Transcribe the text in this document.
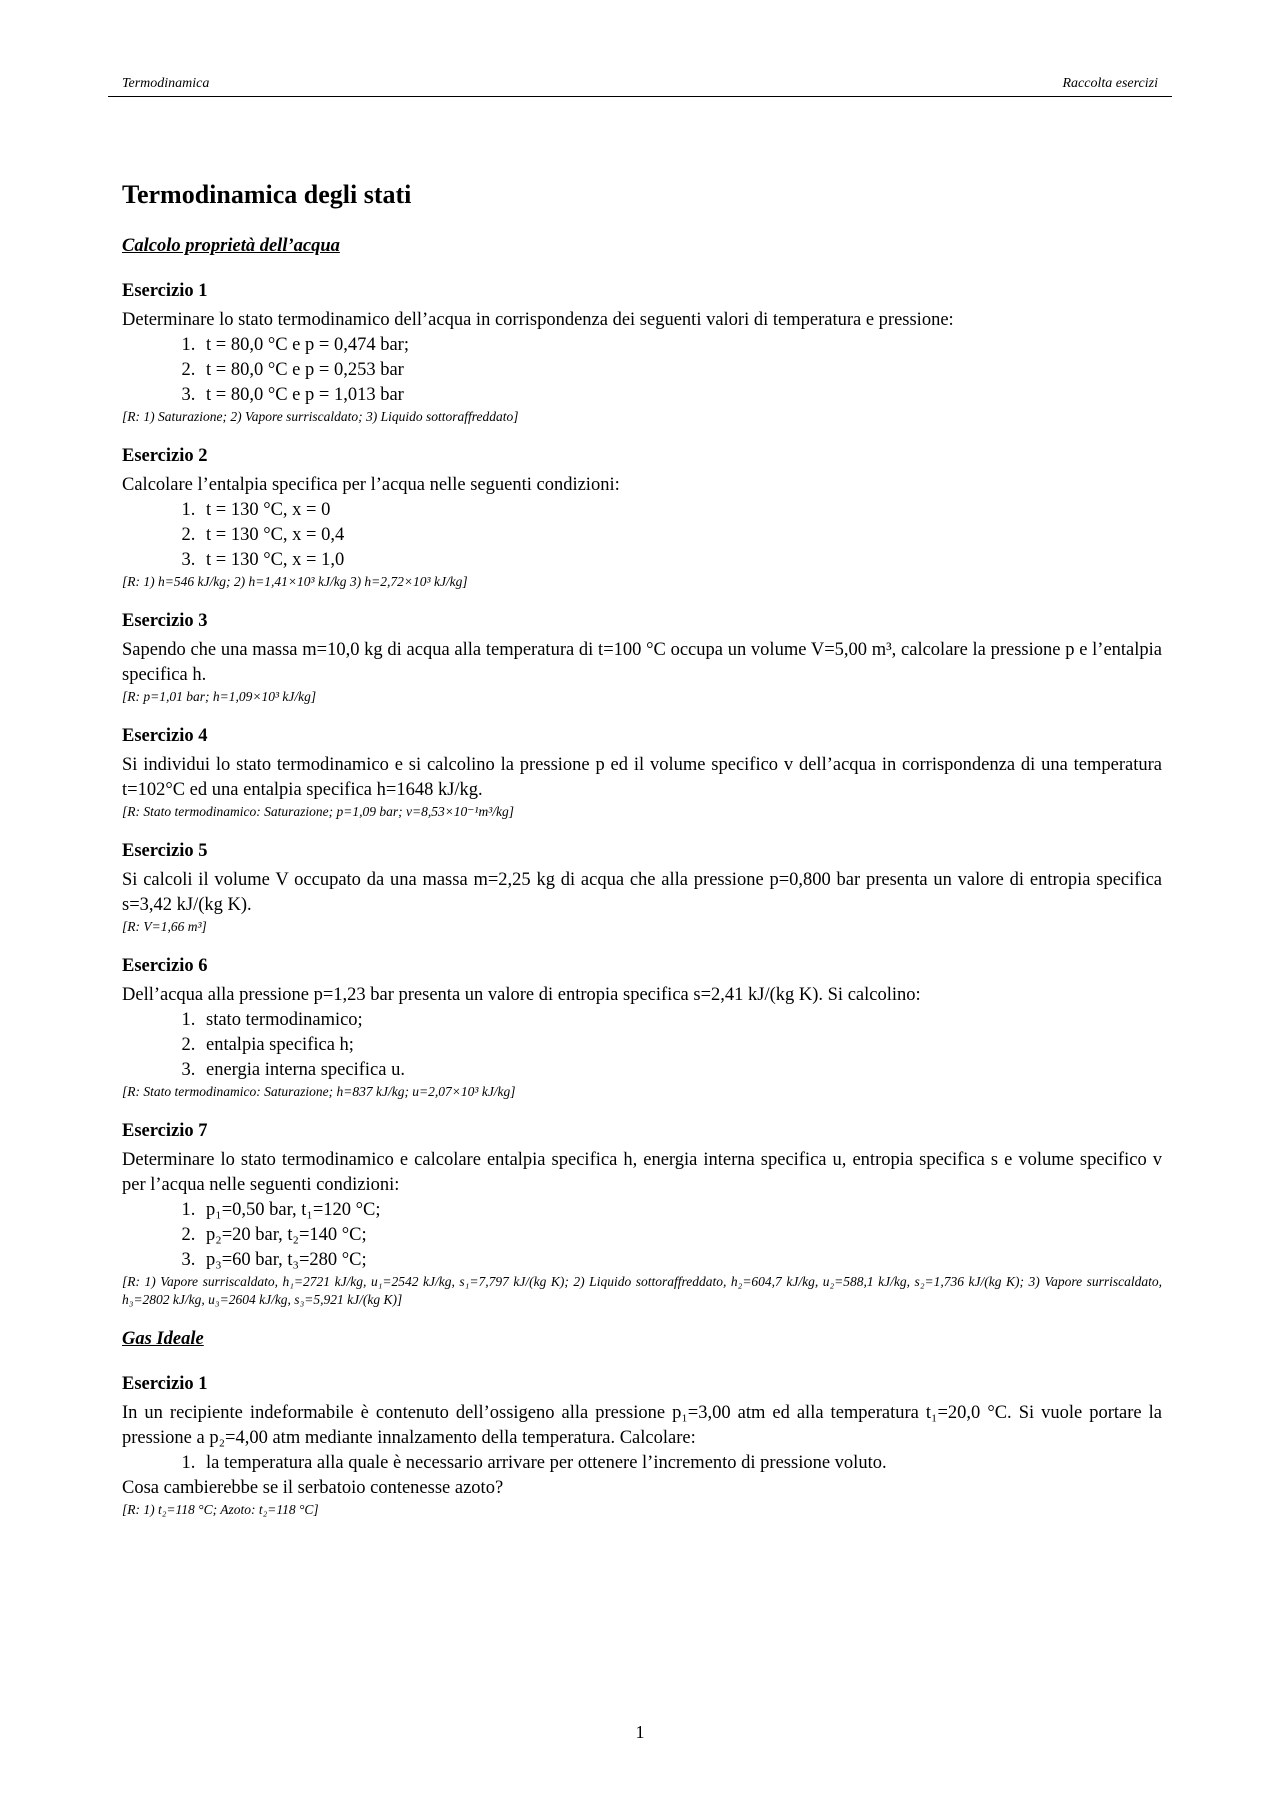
Termodinamica	Raccolta esercizi
Termodinamica degli stati
Calcolo proprietà dell’acqua
Esercizio 1

Determinare lo stato termodinamico dell’acqua in corrispondenza dei seguenti valori di temperatura e pressione:

1. t = 80,0 °C e p = 0,474 bar;
2. t = 80,0 °C e p = 0,253 bar
3. t = 80,0 °C e p = 1,013 bar
[R: 1) Saturazione; 2) Vapore surriscaldato; 3) Liquido sottoraffreddato]
Esercizio 2

Calcolare l’entalpia specifica per l’acqua nelle seguenti condizioni:

1. t = 130 °C, x = 0
2. t = 130 °C, x = 0,4
3. t = 130 °C, x = 1,0
[R: 1) h=546 kJ/kg; 2) h=1,41×10³ kJ/kg 3) h=2,72×10³ kJ/kg]
Esercizio 3

Sapendo che una massa m=10,0 kg di acqua alla temperatura di t=100 °C occupa un volume V=5,00 m³, calcolare la pressione p e l’entalpia specifica h.

[R: p=1,01 bar; h=1,09×10³ kJ/kg]
Esercizio 4

Si individui lo stato termodinamico e si calcolino la pressione p ed il volume specifico v dell’acqua in corrispondenza di una temperatura t=102°C ed una entalpia specifica h=1648 kJ/kg.

[R: Stato termodinamico: Saturazione; p=1,09 bar; v=8,53×10⁻¹m³/kg]
Esercizio 5

Si calcoli il volume V occupato da una massa m=2,25 kg di acqua che alla pressione p=0,800 bar presenta un valore di entropia specifica s=3,42 kJ/(kg K).

[R: V=1,66 m³]
Esercizio 6

Dell’acqua alla pressione p=1,23 bar presenta un valore di entropia specifica s=2,41 kJ/(kg K). Si calcolino:

1. stato termodinamico;
2. entalpia specifica h;
3. energia interna specifica u.
[R: Stato termodinamico: Saturazione; h=837 kJ/kg; u=2,07×10³ kJ/kg]
Esercizio 7

Determinare lo stato termodinamico e calcolare entalpia specifica h, energia interna specifica u, entropia specifica s e volume specifico v per l’acqua nelle seguenti condizioni:

1. p₁=0,50 bar, t₁=120 °C;
2. p₂=20 bar, t₂=140 °C;
3. p₃=60 bar, t₃=280 °C;
[R: 1) Vapore surriscaldato, h₁=2721 kJ/kg, u₁=2542 kJ/kg, s₁=7,797 kJ/(kg K); 2) Liquido sottoraffreddato, h₂=604,7 kJ/kg, u₂=588,1 kJ/kg, s₂=1,736 kJ/(kg K); 3) Vapore surriscaldato, h₃=2802 kJ/kg, u₃=2604 kJ/kg, s₃=5,921 kJ/(kg K)]
Gas Ideale
Esercizio 1

In un recipiente indeformabile è contenuto dell’ossigeno alla pressione p₁=3,00 atm ed alla temperatura t₁=20,0 °C. Si vuole portare la pressione a p₂=4,00 atm mediante innalzamento della temperatura. Calcolare:

1. la temperatura alla quale è necessario arrivare per ottenere l’incremento di pressione voluto.

Cosa cambierebbe se il serbatoio contenesse azoto?

[R: 1) t₂=118 °C; Azoto: t₂=118 °C]
1
